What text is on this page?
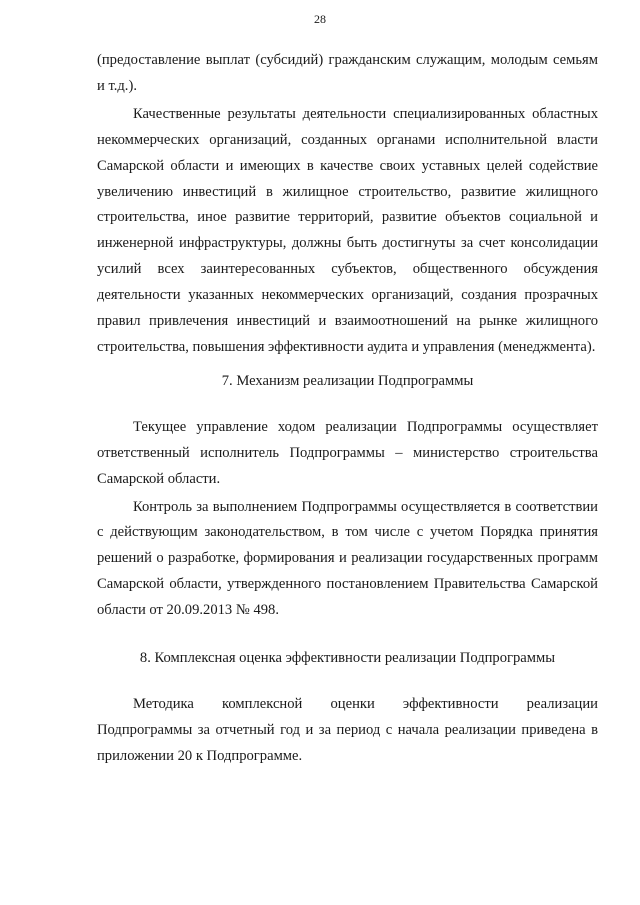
28

(предоставление выплат (субсидий) гражданским служащим, молодым семьям и т.д.).

Качественные результаты деятельности специализированных областных некоммерческих организаций, созданных органами исполнительной власти Самарской области и имеющих в качестве своих уставных целей содействие увеличению инвестиций в жилищное строительство, развитие жилищного строительства, иное развитие территорий, развитие объектов социальной и инженерной инфраструктуры, должны быть достигнуты за счет консолидации усилий всех заинтересованных субъектов, общественного обсуждения деятельности указанных некоммерческих организаций, создания прозрачных правил привлечения инвестиций и взаимоотношений на рынке жилищного строительства, повышения эффективности аудита и управления (менеджмента).

7. Механизм реализации Подпрограммы

Текущее управление ходом реализации Подпрограммы осуществляет ответственный исполнитель Подпрограммы – министерство строительства Самарской области.

Контроль за выполнением Подпрограммы осуществляется в соответствии с действующим законодательством, в том числе с учетом Порядка принятия решений о разработке, формирования и реализации государственных программ Самарской области, утвержденного постановлением Правительства Самарской области от 20.09.2013 № 498.

8. Комплексная оценка эффективности реализации Подпрограммы

Методика комплексной оценки эффективности реализации Подпрограммы за отчетный год и за период с начала реализации приведена в приложении 20 к Подпрограмме.
